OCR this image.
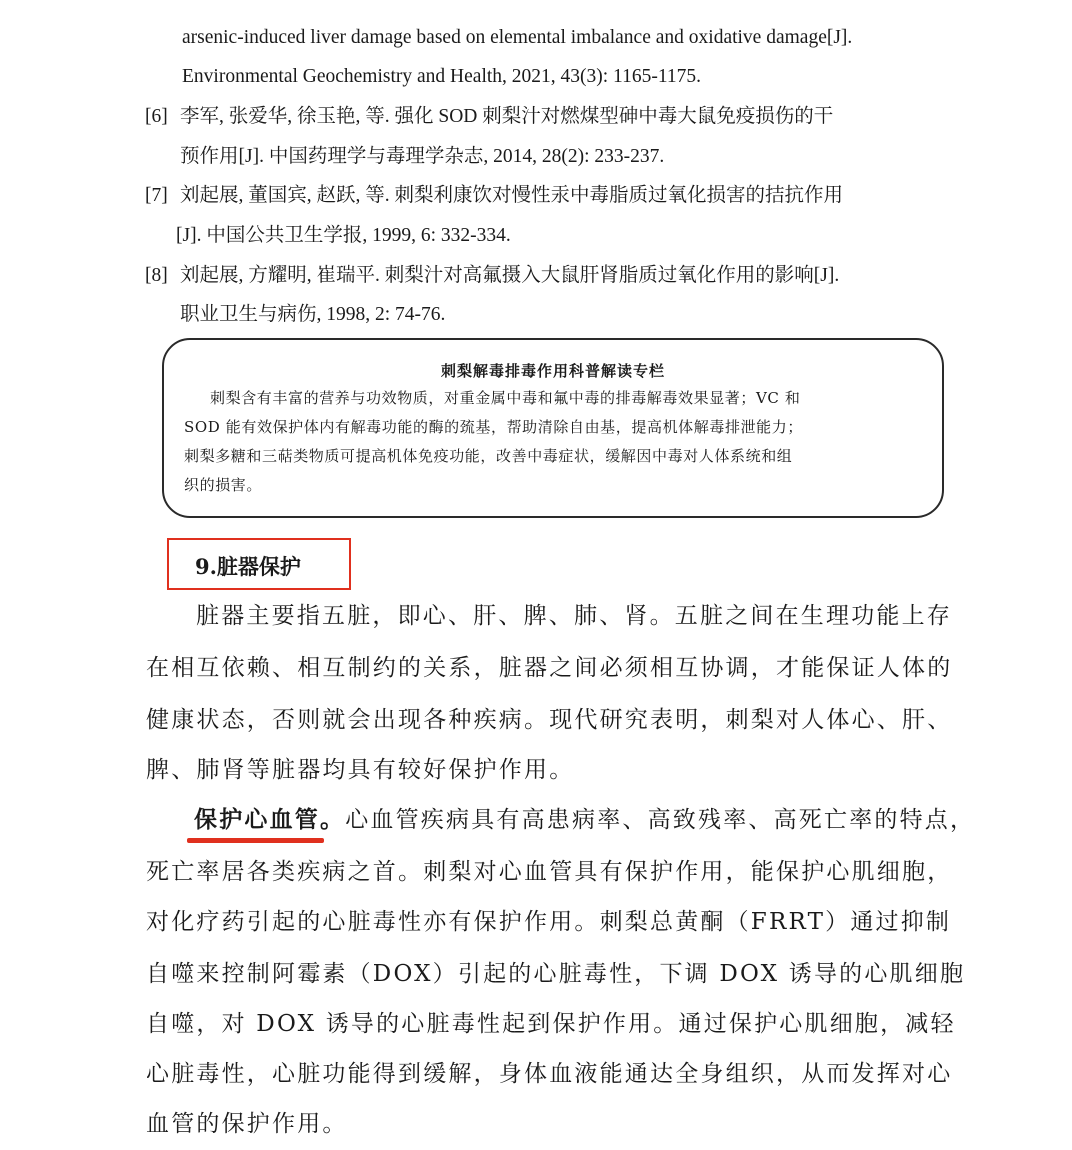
arsenic-induced liver damage based on elemental imbalance and oxidative damage[J].
Environmental Geochemistry and Health, 2021, 43(3): 1165-1175.
[6] 李军, 张爱华, 徐玉艳, 等. 强化 SOD 刺梨汁对燃煤型砷中毒大鼠免疫损伤的干
预作用[J]. 中国药理学与毒理学杂志, 2014, 28(2): 233-237.
[7] 刘起展, 董国宾, 赵跃, 等. 刺梨利康饮对慢性汞中毒脂质过氧化损害的拮抗作用
[J]. 中国公共卫生学报, 1999, 6: 332-334.
[8] 刘起展, 方耀明, 崔瑞平. 刺梨汁对高氟摄入大鼠肝肾脂质过氧化作用的影响[J].
职业卫生与病伤, 1998, 2: 74-76.
刺梨解毒排毒作用科普解读专栏
刺梨含有丰富的营养与功效物质，对重金属中毒和氟中毒的排毒解毒效果显著；VC 和
SOD 能有效保护体内有解毒功能的酶的巯基，帮助清除自由基，提高机体解毒排泄能力；
刺梨多糖和三萜类物质可提高机体免疫功能，改善中毒症状，缓解因中毒对人体系统和组
织的损害。
9.脏器保护
脏器主要指五脏，即心、肝、脾、肺、肾。五脏之间在生理功能上存
在相互依赖、相互制约的关系，脏器之间必须相互协调，才能保证人体的
健康状态，否则就会出现各种疾病。现代研究表明，刺梨对人体心、肝、
脾、肺肾等脏器均具有较好保护作用。
保护心血管。心血管疾病具有高患病率、高致残率、高死亡率的特点，
死亡率居各类疾病之首。刺梨对心血管具有保护作用，能保护心肌细胞，
对化疗药引起的心脏毒性亦有保护作用。刺梨总黄酮（FRRT）通过抑制
自噬来控制阿霉素（DOX）引起的心脏毒性，下调 DOX 诱导的心肌细胞
自噬，对 DOX 诱导的心脏毒性起到保护作用。通过保护心肌细胞，减轻
心脏毒性，心脏功能得到缓解，身体血液能通达全身组织，从而发挥对心
血管的保护作用。
